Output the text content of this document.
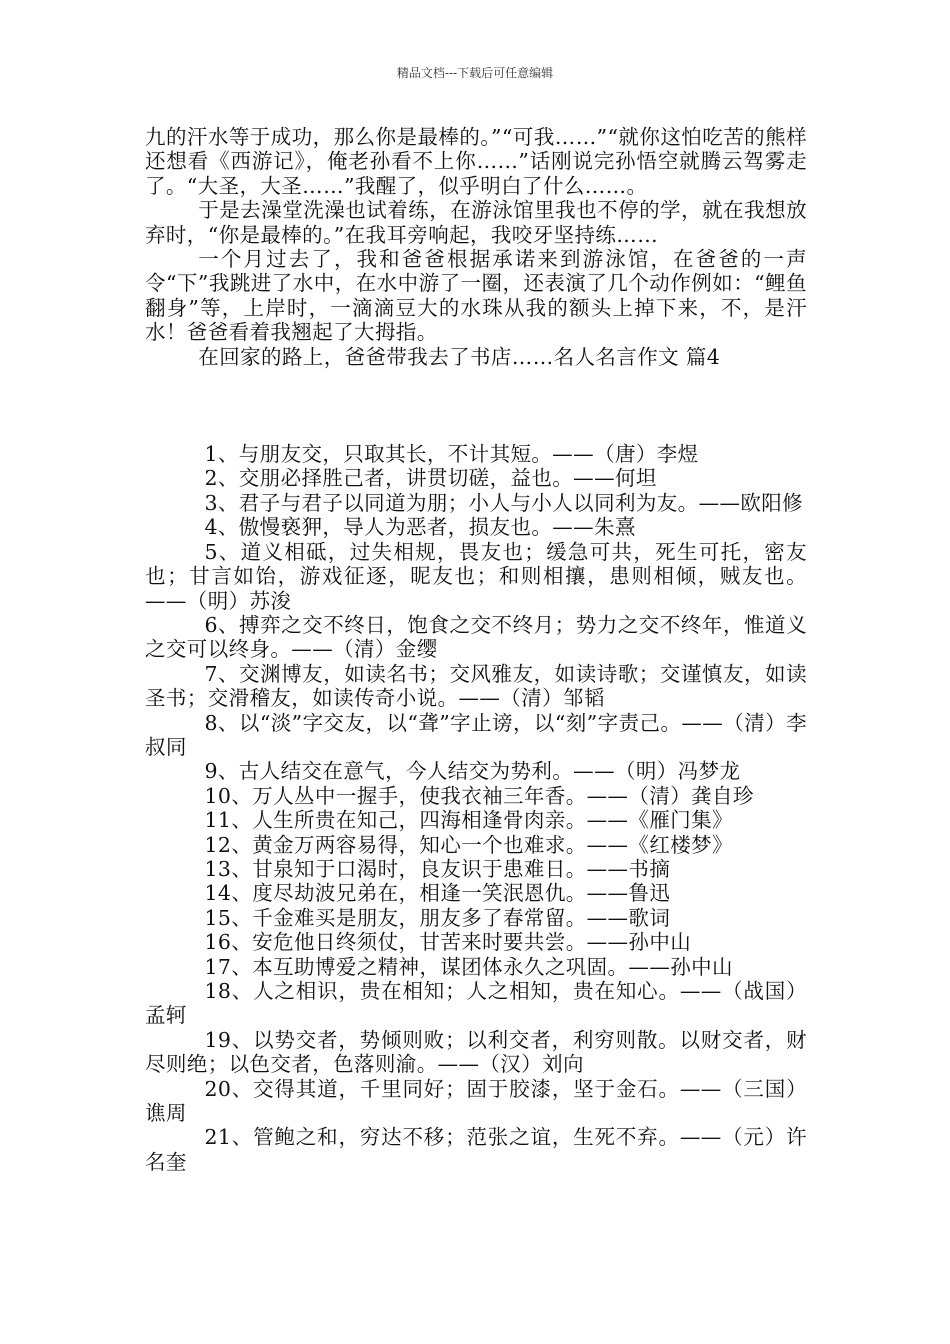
精品文档---下载后可任意编辑

九的汗水等于成功，那么你是最棒的。”“可我……”“就你这怕吃苦的熊样还想看《西游记》，俺老孙看不上你……”话刚说完孙悟空就腾云驾雾走了。“大圣，大圣……”我醒了，似乎明白了什么……。

于是去澡堂洗澡也试着练，在游泳馆里我也不停的学，就在我想放弃时，“你是最棒的。”在我耳旁响起，我咬牙坚持练……

一个月过去了，我和爸爸根据承诺来到游泳馆，在爸爸的一声令“下”我跳进了水中，在水中游了一圈，还表演了几个动作例如：“鲤鱼翻身”等，上岸时，一滴滴豆大的水珠从我的额头上掉下来，不，是汗水！爸爸看着我翘起了大拇指。

在回家的路上，爸爸带我去了书店……名人名言作文 篇4

1、与朋友交，只取其长，不计其短。——（唐）李煜

2、交朋必择胜己者，讲贯切磋，益也。——何坦

3、君子与君子以同道为朋；小人与小人以同利为友。——欧阳修

4、傲慢亵狎，导人为恶者，损友也。——朱熹

5、道义相砥，过失相规，畏友也；缓急可共，死生可托，密友也；甘言如饴，游戏征逐，昵友也；和则相攘，患则相倾，贼友也。——（明）苏浚

6、搏弈之交不终日，饱食之交不终月；势力之交不终年，惟道义之交可以终身。——（清）金缨

7、交渊博友，如读名书；交风雅友，如读诗歌；交谨慎友，如读圣书；交滑稽友，如读传奇小说。——（清）邹韬

8、以“淡”字交友，以“聋”字止谤，以“刻”字责己。——（清）李叔同

9、古人结交在意气，今人结交为势利。——（明）冯梦龙

10、万人丛中一握手，使我衣袖三年香。——（清）龚自珍

11、人生所贵在知己，四海相逢骨肉亲。——《雁门集》

12、黄金万两容易得，知心一个也难求。——《红楼梦》

13、甘泉知于口渴时，良友识于患难日。——书摘

14、度尽劫波兄弟在，相逢一笑泯恩仇。——鲁迅

15、千金难买是朋友，朋友多了春常留。——歌词

16、安危他日终须仗，甘苦来时要共尝。——孙中山

17、本互助博爱之精神，谋团体永久之巩固。——孙中山

18、人之相识，贵在相知；人之相知，贵在知心。——（战国）孟轲

19、以势交者，势倾则败；以利交者，利穷则散。以财交者，财尽则绝；以色交者，色落则渝。——（汉）刘向

20、交得其道，千里同好；固于胶漆，坚于金石。——（三国）谯周

21、管鲍之和，穷达不移；范张之谊，生死不弃。——（元）许名奎
